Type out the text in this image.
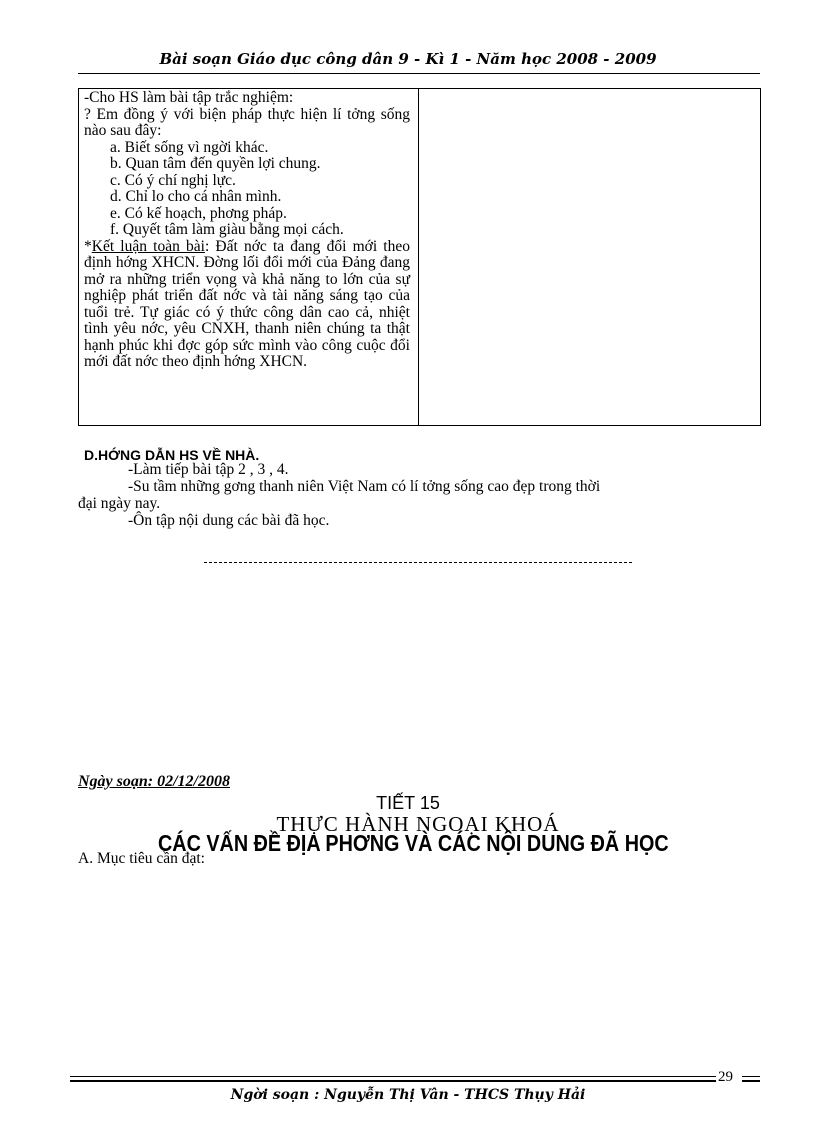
Bài soạn Giáo dục công dân 9 - Kì 1 - Năm học 2008 - 2009

-Cho HS làm bài tập trắc nghiệm:

? Em đồng ý với biện pháp thực hiện lí tởng sống nào sau đây:

a. Biết sống vì ngời khác.

b. Quan tâm đến quyền lợi chung.

c. Có ý chí nghị lực.

d. Chỉ lo cho cá nhân mình.

e. Có kế hoạch, phơng pháp.

f. Quyết tâm làm giàu bằng mọi cách.

*Kết luận toàn bài: Đất nớc ta đang đổi mới theo định hớng XHCN. Đờng lối đổi mới của Đảng đang mở ra những triển vọng và khả năng to lớn của sự nghiệp phát triển đất nớc và tài năng sáng tạo của tuổi trẻ. Tự giác có ý thức công dân cao cả, nhiệt tình yêu nớc, yêu CNXH, thanh niên chúng ta thật hạnh phúc khi đợc góp sức mình vào công cuộc đổi mới đất nớc theo định hớng XHCN.

D.HỚNG DẪN HS VỀ NHÀ.
-Làm tiếp bài tập 2 , 3 , 4.
-Su tầm những gơng thanh niên Việt Nam có lí tởng sống cao đẹp trong thời
đại ngày nay.
-Ôn tập nội dung các bài đã học.
Ngày soạn: 02/12/2008
TIẾT 15
THỰC HÀNH NGOẠI KHOÁ
A. Mục tiêu cần đạt:
CÁC VẤN ĐỀ ĐỊA PHƠNG VÀ CÁC NỘI DUNG ĐÃ HỌC
29
Ngời soạn : Nguyễn Thị Vân - THCS Thụy Hải
